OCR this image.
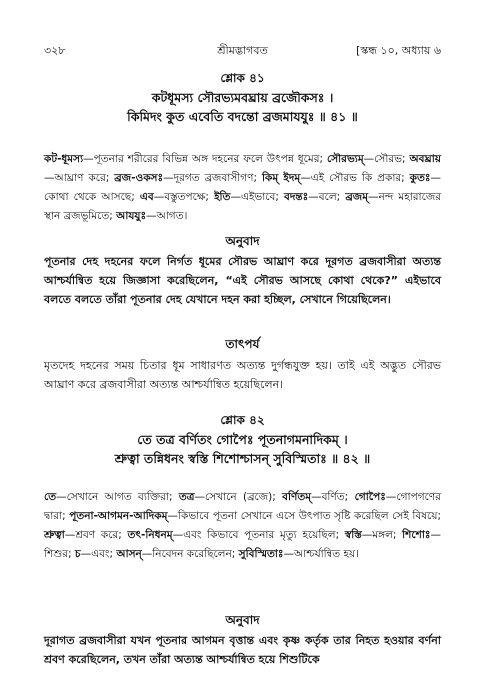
৩২৮	শ্রীমদ্ভাগবত	[স্কন্ধ ১০, অধ্যায় ৬
শ্লোক ৪১
কটধূমস্য সৌরভ্যমবঘ্রায় ব্রজৌকসঃ ।
কিমিদং কুত এবেতি বদন্তো ব্রজমাযযুঃ ॥ ৪১ ॥
কট-ধূমস্য—পূতনার শরীরের বিভিন্ন অঙ্গ দহনের ফলে উৎপন্ন ধূমের; সৌরভ্যম্—সৌরভ; অবঘ্রায়—আঘ্রাণ করে; ব্রজ-ওকসঃ—দূরগত ব্রজবাসীগণ; কিম্ ইদম্—এই সৌরভ কি প্রকার; কুতঃ—কোথা থেকে আসছে; এব—বস্তুতপক্ষে; ইতি—এইভাবে; বদন্তঃ—বলে; ব্রজম্—নন্দ মহারাজের স্থান ব্রজভূমিতে; আযযুঃ—আগত।
অনুবাদ
পূতনার দেহ দহনের ফলে নির্গত ধূমের সৌরভ আঘ্রাণ করে দূরগত ব্রজবাসীরা অত্যন্ত আশ্চর্যান্বিত হয়ে জিজ্ঞাসা করেছিলেন, “এই সৌরভ আসছে কোথা থেকে?” এইভাবে বলতে বলতে তাঁরা পূতনার দেহ যেখানে দহন করা হচ্ছিল, সেখানে গিয়েছিলেন।
তাৎপর্য
মৃতদেহ দহনের সময় চিতার ধূম সাধারণত অত্যন্ত দুর্গন্ধযুক্ত হয়। তাই এই অদ্ভুত সৌরভ আঘ্রাণ করে ব্রজবাসীরা অত্যন্ত আশ্চর্যান্বিত হয়েছিলেন।
শ্লোক ৪২
তে তত্র বর্ণিতং গোপৈঃ পূতনাগমনাদিকম্ ।
শ্রুত্বা তন্নিধনং স্বস্তি শিশোশ্চাসন্ সুবিস্মিতাঃ ॥ ৪২ ॥
তে—সেখানে আগত ব্যক্তিরা; তত্র—সেখানে (ব্রজে); বর্ণিতম্—বর্ণিত; গোপৈঃ—গোপগণের দ্বারা; পূতনা-আগমন-আদিকম্—কিভাবে পূতনা সেখানে এসে উৎপাত সৃষ্টি করেছিল সেই বিষয়ে; শ্রুত্বা—শ্রবণ করে; তৎ-নিধনম্—এবং কিভাবে পূতনার মৃত্যু হয়েছিল; স্বস্তি—মঙ্গল; শিশোঃ—শিশুর; চ—এবং; আসন্—নিবেদন করেছিলেন; সুবিস্মিতাঃ—আশ্চর্যান্বিত হয়।
অনুবাদ
দূরাগত ব্রজবাসীরা যখন পূতনার আগমন বৃত্তান্ত এবং কৃষ্ণ কর্তৃক তার নিহত হওয়ার বর্ণনা শ্রবণ করেছিলেন, তখন তাঁরা অত্যন্ত আশ্চর্যান্বিত হয়ে শিশুটিকে
